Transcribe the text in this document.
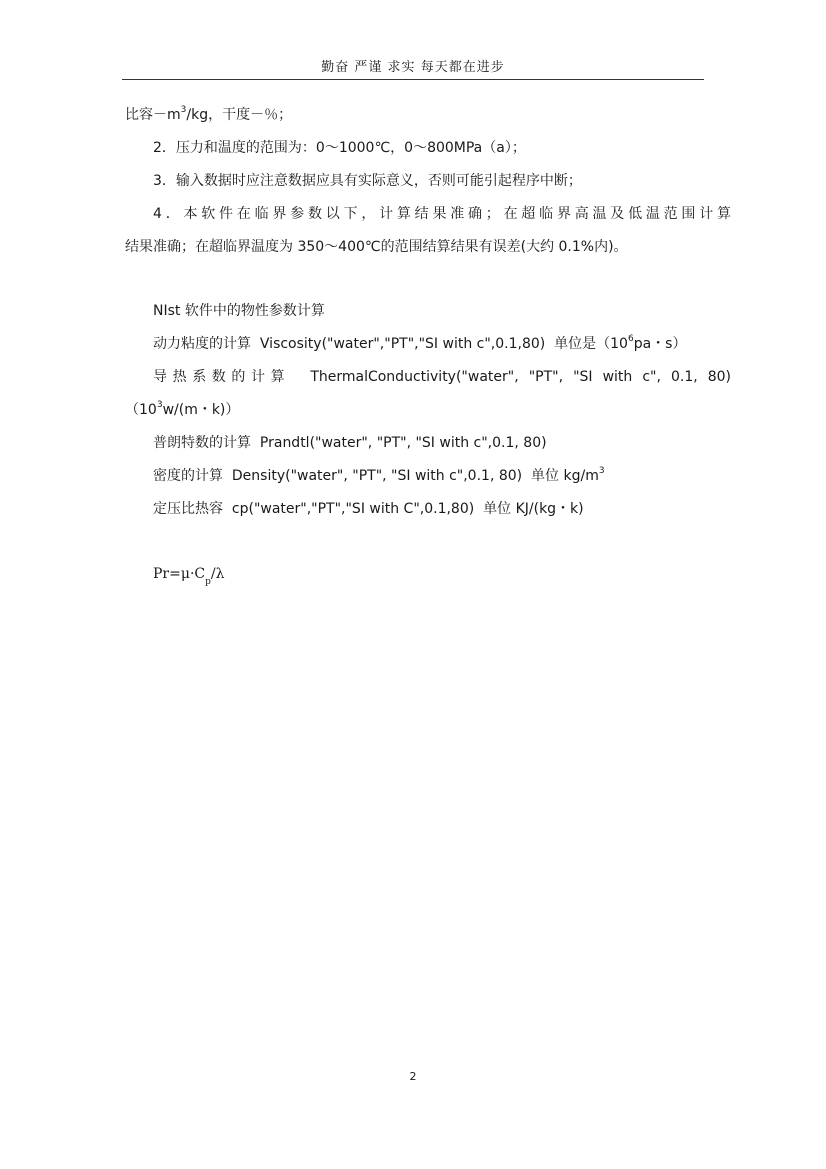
勤奋 严谨 求实 每天都在进步
比容$-m^3/kg$，干度－％；
2．压力和温度的范围为：0～1000℃，0～800MPa（a）；
3．输入数据时应注意数据应具有实际意义，否则可能引起程序中断；
4．本软件在临界参数以下，计算结果准确；在超临界高温及低温范围计算
结果准确；在超临界温度为 350～400℃的范围结算结果有误差(大约 0.1%内)。
NIst 软件中的物性参数计算
动力粘度的计算 Viscosity("water","PT","SI with c",0.1,80) 单位是（$10^6pa$・s）
导热系数的计算 ThermalConductivity("water", "PT", "SI with c", 0.1, 80)
（$10^3w/(m$・k)）
普朗特数的计算 Prandtl("water", "PT", "SI with c",0.1, 80)
密度的计算 Density("water", "PT", "SI with c",0.1, 80) 单位 $kg/m^3$
定压比热容 cp("water","PT","SI with C",0.1,80) 单位 KJ/(kg・k)
$Pr=\mu\cdot C_p/\lambda$
2
